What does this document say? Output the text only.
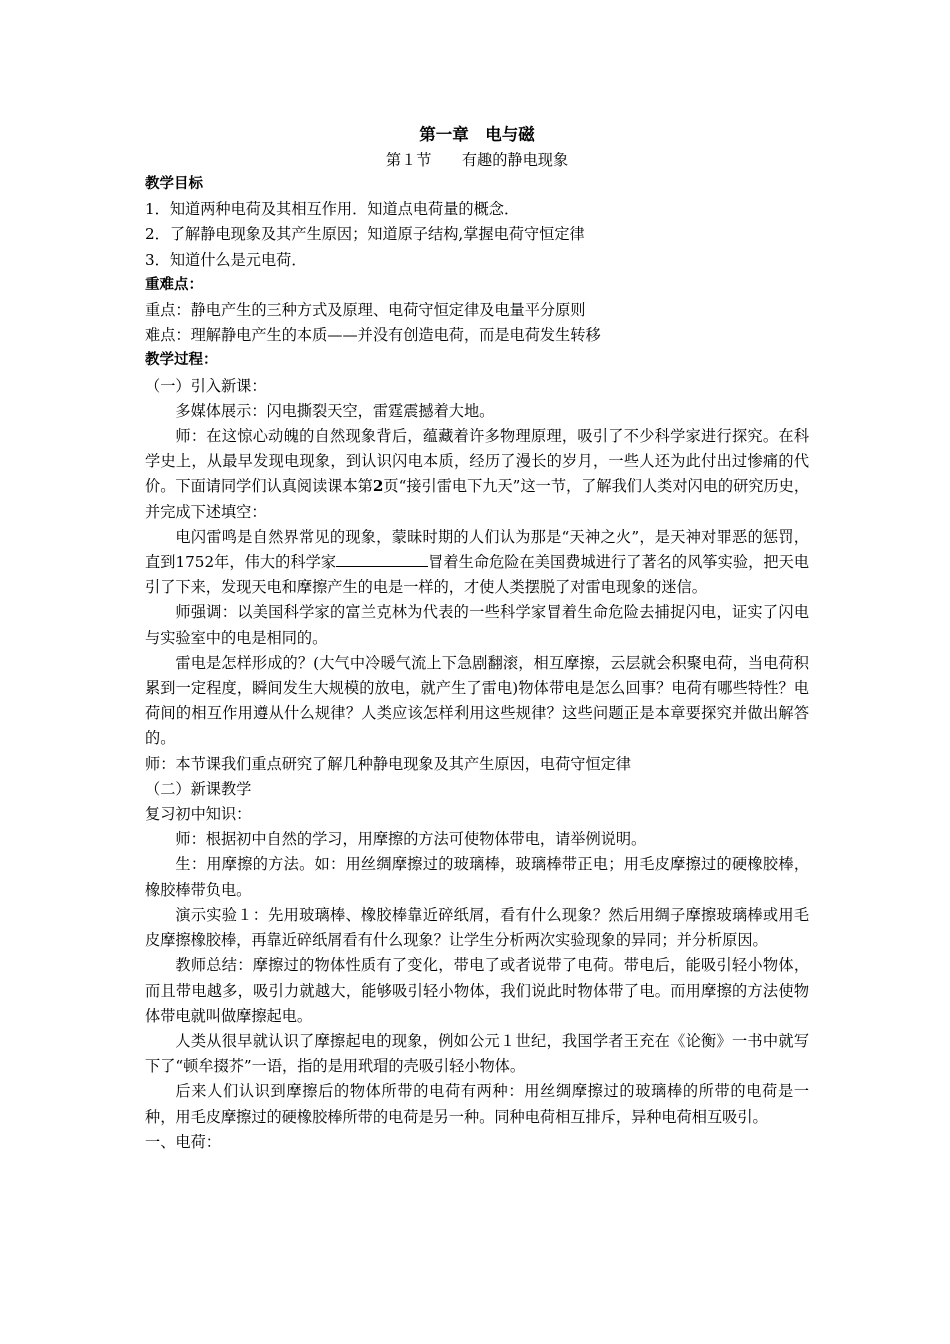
第一章　电与磁
第１节　　有趣的静电现象
教学目标

1．知道两种电荷及其相互作用．知道点电荷量的概念．

2．了解静电现象及其产生原因；知道原子结构,掌握电荷守恒定律

3．知道什么是元电荷．

重难点：

重点：静电产生的三种方式及原理、电荷守恒定律及电量平分原则

难点：理解静电产生的本质——并没有创造电荷，而是电荷发生转移

教学过程：

（一）引入新课：

多媒体展示：闪电撕裂天空，雷霆震撼着大地。

师：在这惊心动魄的自然现象背后，蕴藏着许多物理原理，吸引了不少科学家进行探究。在科学史上，从最早发现电现象，到认识闪电本质，经历了漫长的岁月，一些人还为此付出过惨痛的代价。下面请同学们认真阅读课本第2页“接引雷电下九天”这一节，了解我们人类对闪电的研究历史，并完成下述填空：

电闪雷鸣是自然界常见的现象，蒙昧时期的人们认为那是“天神之火”，是天神对罪恶的惩罚，直到1752年，伟大的科学家	冒着生命危险在美国费城进行了著名的风筝实验，把天电引了下来，发现天电和摩擦产生的电是一样的，才使人类摆脱了对雷电现象的迷信。

师强调：以美国科学家的富兰克林为代表的一些科学家冒着生命危险去捕捉闪电，证实了闪电与实验室中的电是相同的。

雷电是怎样形成的？(大气中冷暖气流上下急剧翻滚，相互摩擦，云层就会积聚电荷，当电荷积累到一定程度，瞬间发生大规模的放电，就产生了雷电)物体带电是怎么回事？电荷有哪些特性？电荷间的相互作用遵从什么规律？人类应该怎样利用这些规律？这些问题正是本章要探究并做出解答的。

师：本节课我们重点研究了解几种静电现象及其产生原因，电荷守恒定律

（二）新课教学

复习初中知识：

师：根据初中自然的学习，用摩擦的方法可使物体带电，请举例说明。

生：用摩擦的方法。如：用丝绸摩擦过的玻璃棒，玻璃棒带正电；用毛皮摩擦过的硬橡胶棒，橡胶棒带负电。

演示实验１：先用玻璃棒、橡胶棒靠近碎纸屑，看有什么现象？然后用绸子摩擦玻璃棒或用毛皮摩擦橡胶棒，再靠近碎纸屑看有什么现象？让学生分析两次实验现象的异同；并分析原因。

教师总结：摩擦过的物体性质有了变化，带电了或者说带了电荷。带电后，能吸引轻小物体，而且带电越多，吸引力就越大，能够吸引轻小物体，我们说此时物体带了电。而用摩擦的方法使物体带电就叫做摩擦起电。

人类从很早就认识了摩擦起电的现象，例如公元１世纪，我国学者王充在《论衡》一书中就写下了“顿牟掇芥”一语，指的是用玳瑁的壳吸引轻小物体。

后来人们认识到摩擦后的物体所带的电荷有两种：用丝绸摩擦过的玻璃棒的所带的电荷是一种，用毛皮摩擦过的硬橡胶棒所带的电荷是另一种。同种电荷相互排斥，异种电荷相互吸引。

一、电荷：
